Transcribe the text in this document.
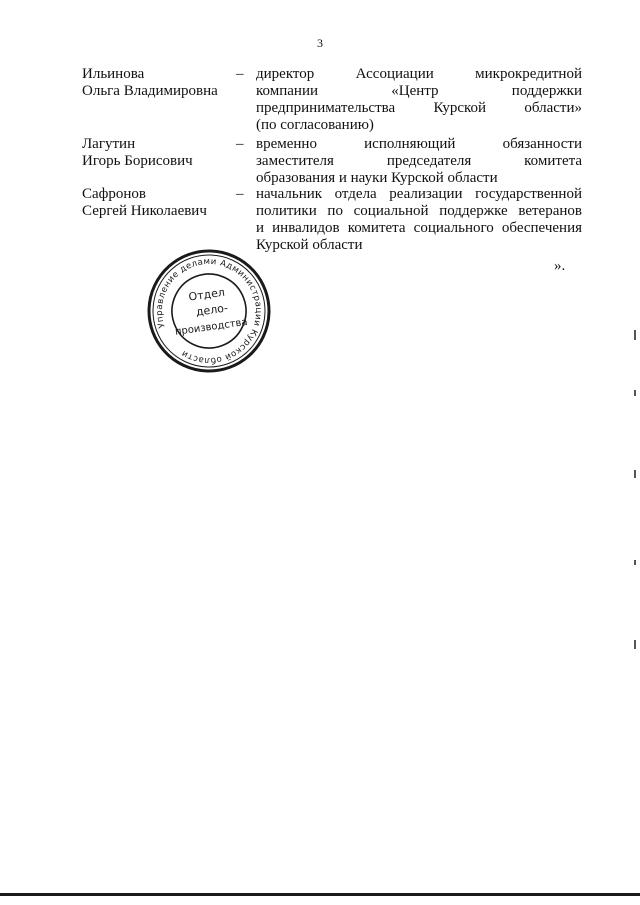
3
Ильинова
Ольга Владимировна
– директор Ассоциации микрокредитной
компании «Центр поддержки
предпринимательства Курской области»
(по согласованию)
Лагутин
Игорь Борисович
– временно исполняющий обязанности
заместителя председателя комитета
образования и науки Курской области
Сафронов
Сергей Николаевич
– начальник отдела реализации государственной
политики по социальной поддержке ветеранов
и инвалидов комитета социального обеспечения
Курской области
».
Управление делами Администрации Курской области
Отдел
дело-
производства
